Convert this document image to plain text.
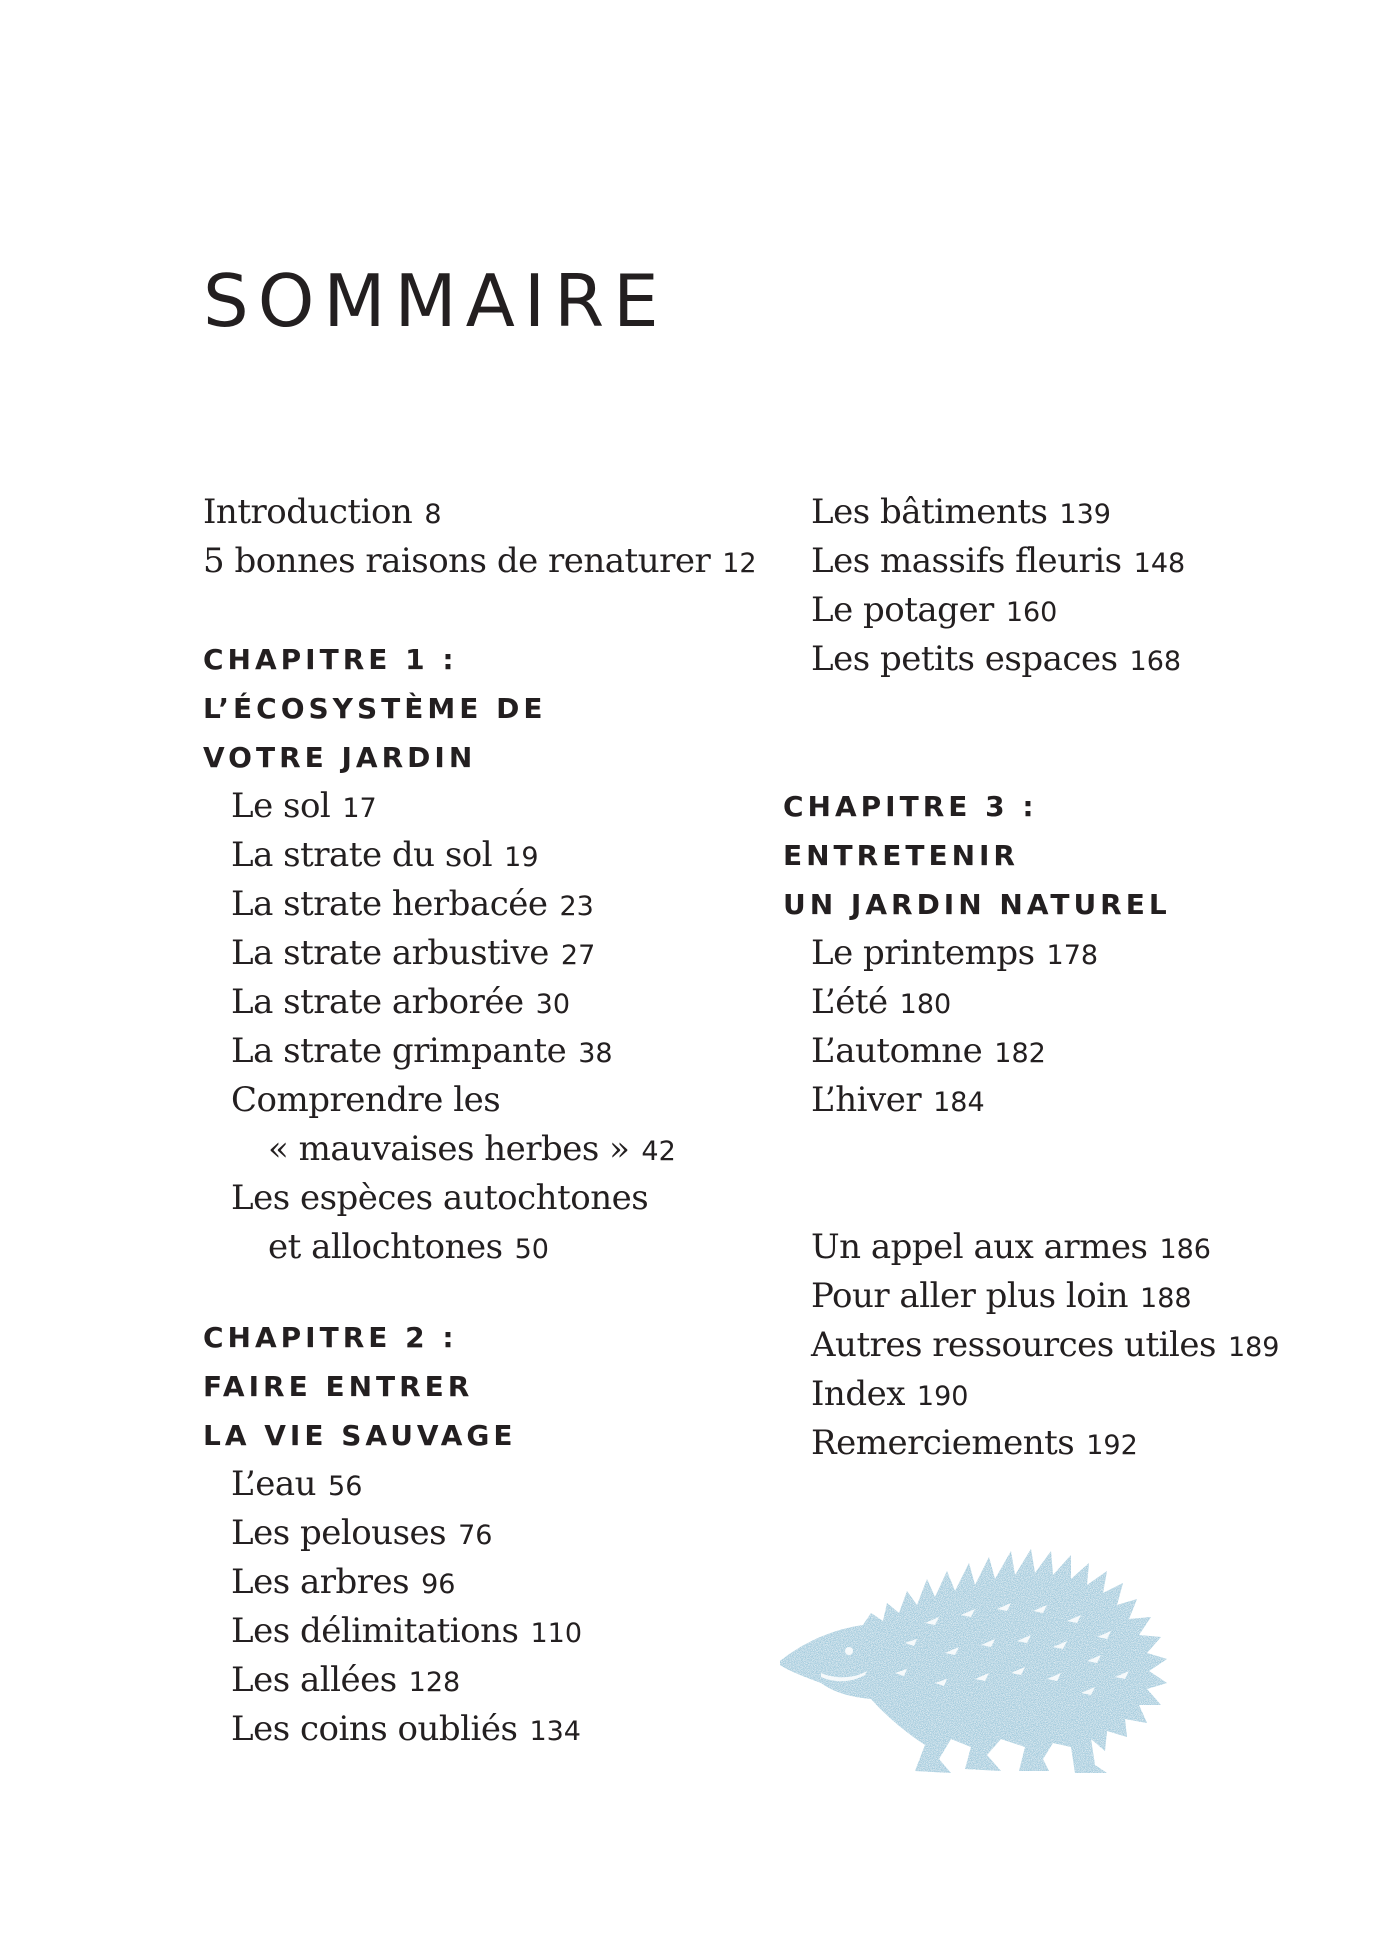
SOMMAIRE
Introduction 8
5 bonnes raisons de renaturer 12
CHAPITRE 1 :
L’ÉCOSYSTÈME DE
VOTRE JARDIN
Le sol 17
La strate du sol 19
La strate herbacée 23
La strate arbustive 27
La strate arborée 30
La strate grimpante 38
Comprendre les
« mauvaises herbes » 42
Les espèces autochtones
et allochtones 50
CHAPITRE 2 :
FAIRE ENTRER
LA VIE SAUVAGE
L’eau 56
Les pelouses 76
Les arbres 96
Les délimitations 110
Les allées 128
Les coins oubliés 134
Les bâtiments 139
Les massifs fleuris 148
Le potager 160
Les petits espaces 168
CHAPITRE 3 :
ENTRETENIR
UN JARDIN NATUREL
Le printemps 178
L’été 180
L’automne 182
L’hiver 184
Un appel aux armes 186
Pour aller plus loin 188
Autres ressources utiles 189
Index 190
Remerciements 192
